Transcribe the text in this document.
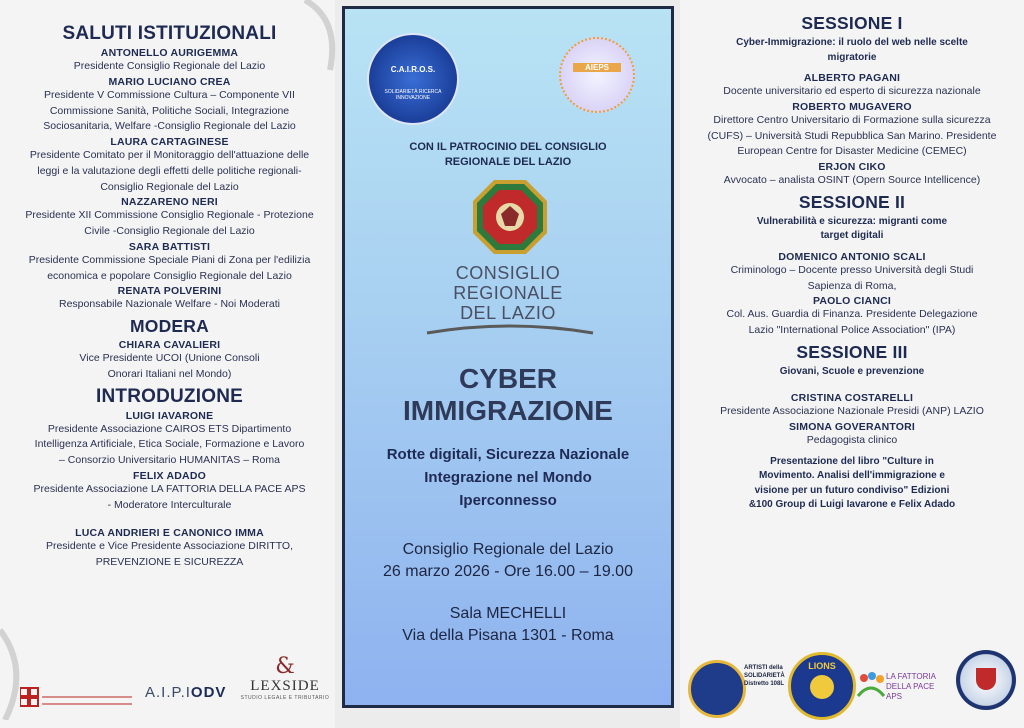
SALUTI ISTITUZIONALI
ANTONELLO AURIGEMMA
Presidente Consiglio Regionale del Lazio
MARIO LUCIANO CREA
Presidente V Commissione Cultura – Componente VII Commissione Sanità, Politiche Sociali, Integrazione Sociosanitaria, Welfare -Consiglio Regionale del Lazio
LAURA CARTAGINESE
Presidente Comitato per il Monitoraggio dell'attuazione delle leggi e la valutazione degli effetti delle politiche regionali-Consiglio Regionale del Lazio
NAZZARENO NERI
Presidente XII Commissione Consiglio Regionale - Protezione Civile -Consiglio Regionale del Lazio
SARA BATTISTI
Presidente Commissione Speciale Piani di Zona per l'edilizia economica e popolare Consiglio Regionale del Lazio
RENATA POLVERINI
Responsabile Nazionale Welfare - Noi Moderati
MODERA
CHIARA CAVALIERI
Vice Presidente UCOI (Unione Consoli Onorari Italiani nel Mondo)
INTRODUZIONE
LUIGI IAVARONE
Presidente Associazione CAIROS ETS Dipartimento Intelligenza Artificiale, Etica Sociale, Formazione e Lavoro – Consorzio Universitario HUMANITAS – Roma
FELIX ADADO
Presidente Associazione LA FATTORIA DELLA PACE APS - Moderatore Interculturale
LUCA ANDRIERI E CANONICO IMMA
Presidente e Vice Presidente Associazione DIRITTO, PREVENZIONE E SICUREZZA
A.I.P.IODV
&
LEXSIDE
STUDIO LEGALE E TRIBUTARIO
C.A.I.R.O.S.
SOLIDARIETÀ RICERCA INNOVAZIONE
AIEPS
CON IL PATROCINIO DEL CONSIGLIO REGIONALE DEL LAZIO
CONSIGLIO
REGIONALE
DEL LAZIO
CYBER
IMMIGRAZIONE
Rotte digitali, Sicurezza Nazionale
Integrazione nel Mondo
Iperconnesso
Consiglio Regionale del Lazio
26 marzo 2026 - Ore 16.00 – 19.00
Sala MECHELLI
Via della Pisana 1301 - Roma
SESSIONE I
Cyber-Immigrazione: il ruolo del web nelle scelte migratorie
ALBERTO PAGANI
Docente universitario ed esperto di sicurezza nazionale
ROBERTO MUGAVERO
Direttore Centro Universitario di Formazione sulla sicurezza (CUFS) – Università Studi Repubblica San Marino. Presidente European Centre for Disaster Medicine (CEMEC)
ERJON CIKO
Avvocato – analista OSINT (Opern Source Intellicence)
SESSIONE II
Vulnerabilità e sicurezza: migranti come target digitali
DOMENICO ANTONIO SCALI
Criminologo – Docente presso Università degli Studi Sapienza di Roma,
PAOLO CIANCI
Col. Aus. Guardia di Finanza. Presidente Delegazione Lazio "International Police Association" (IPA)
SESSIONE III
Giovani, Scuole e prevenzione
CRISTINA COSTARELLI
Presidente Associazione Nazionale Presidi (ANP) LAZIO
SIMONA GOVERANTORI
Pedagogista clinico
Presentazione del libro "Culture in Movimento. Analisi dell'immigrazione e visione per un futuro condiviso" Edizioni &100 Group di Luigi Iavarone e Felix Adado
ARTISTI della SOLIDARIETÀ Distretto 108L
LIONS
LA FATTORIA DELLA PACE APS
